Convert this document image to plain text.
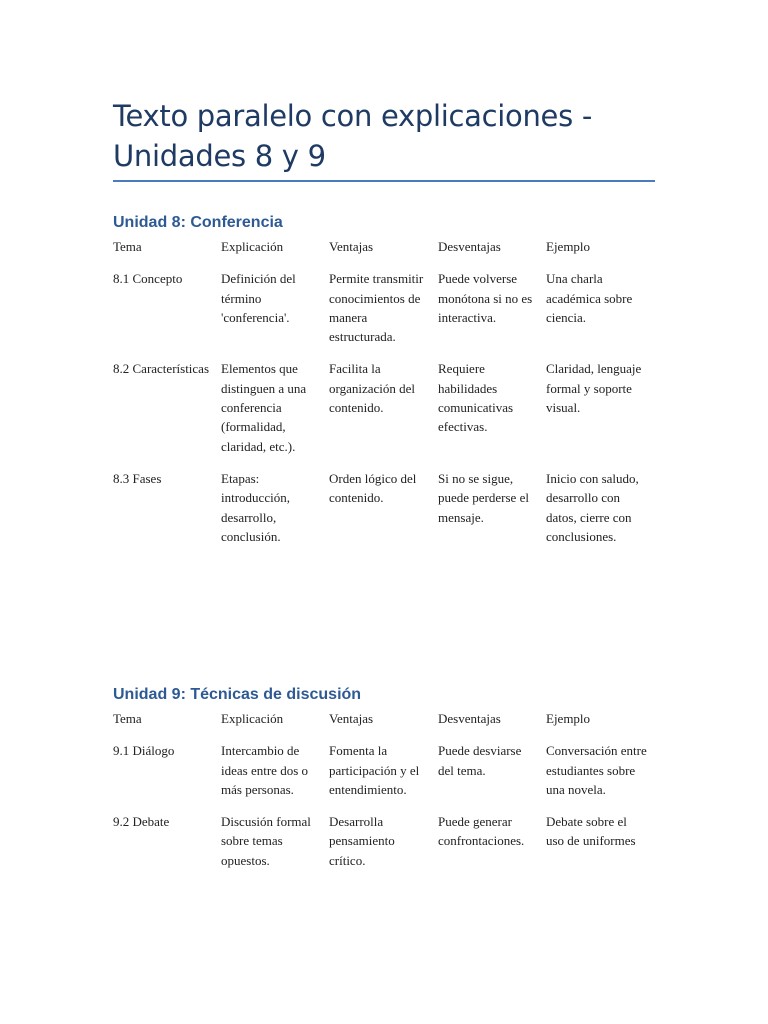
Texto paralelo con explicaciones -
Unidades 8 y 9
Unidad 8: Conferencia
Tema	Explicación	Ventajas	Desventajas	Ejemplo
8.1 Concepto	Definición del término 'conferencia'.	Permite transmitir conocimientos de manera estructurada.	Puede volverse monótona si no es interactiva.	Una charla académica sobre ciencia.
8.2 Características	Elementos que distinguen a una conferencia (formalidad, claridad, etc.).	Facilita la organización del contenido.	Requiere habilidades comunicativas efectivas.	Claridad, lenguaje formal y soporte visual.
8.3 Fases	Etapas: introducción, desarrollo, conclusión.	Orden lógico del contenido.	Si no se sigue, puede perderse el mensaje.	Inicio con saludo, desarrollo con datos, cierre con conclusiones.
Unidad 9: Técnicas de discusión
Tema	Explicación	Ventajas	Desventajas	Ejemplo
9.1 Diálogo	Intercambio de ideas entre dos o más personas.	Fomenta la participación y el entendimiento.	Puede desviarse del tema.	Conversación entre estudiantes sobre una novela.
9.2 Debate	Discusión formal sobre temas opuestos.	Desarrolla pensamiento crítico.	Puede generar confrontaciones.	Debate sobre el uso de uniformes
